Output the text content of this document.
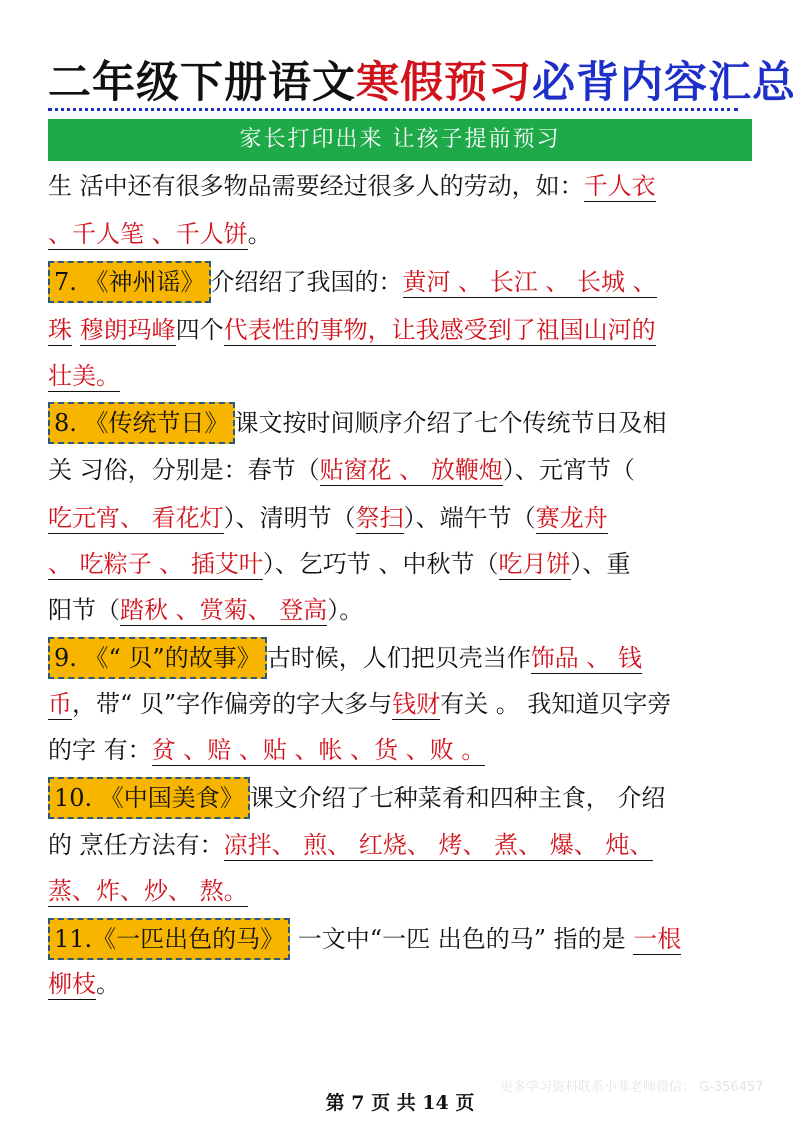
二年级下册语文寒假预习必背内容汇总
家长打印出来 让孩子提前预习
生 活中还有很多物品需要经过很多人的劳动，如：千人衣
、千人笔 、千人饼。
7. 《神州谣》 介绍绍了我国的：黄河 、 长江 、 长城 、
珠 穆朗玛峰四个代表性的事物，让我感受到了祖国山河的
壮美。
8. 《传统节日》 课文按时间顺序介绍了七个传统节日及相
关 习俗，分别是：春节（贴窗花 、 放鞭炮）、元宵节（
吃元宵、 看花灯）、清明节（祭扫）、端午节（赛龙舟
、 吃粽子 、 插艾叶）、乞巧节 、中秋节（吃月饼）、重
阳节（踏秋 、赏菊、 登高）。
9. 《“ 贝”的故事》 古时候，人们把贝壳当作饰品 、 钱
币，带“ 贝”字作偏旁的字大多与钱财有关 。 我知道贝字旁
的字 有：贫 、赔 、贴 、帐 、货 、败 。
10. 《中国美食》 课文介绍了七种菜肴和四种主食， 介绍
的 烹任方法有：凉拌、 煎、 红烧、 烤、 煮、 爆、 炖、
蒸、炸、炒、 熬。
11.《一匹出色的马》 一文中“一匹 出色的马” 指的是 一根
柳枝。
更多学习资料联系小菲老师微信： G-356457
第 7 页 共 14 页
